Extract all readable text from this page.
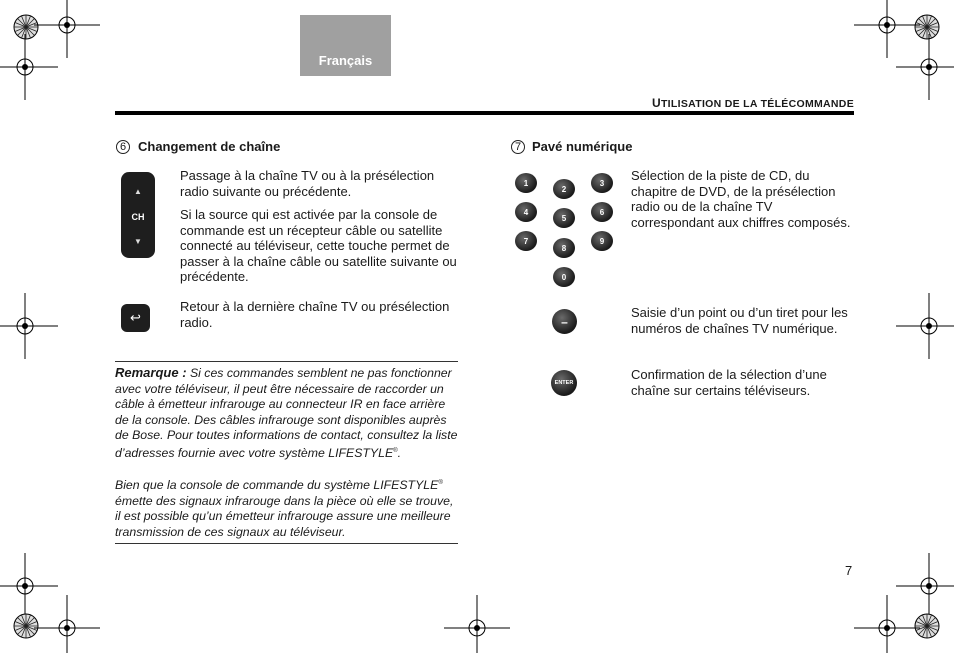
Français
UTILISATION DE LA TÉLÉCOMMANDE
6 Changement de chaîne
▲
CH
▼
Passage à la chaîne TV ou à la présélection radio suivante ou précédente.
Si la source qui est activée par la console de commande est un récepteur câble ou satellite connecté au téléviseur, cette touche permet de passer à la chaîne câble ou satellite suivante ou précédente.
↩
Retour à la dernière chaîne TV ou présélection radio.

Remarque : Si ces commandes semblent ne pas fonctionner avec votre téléviseur, il peut être nécessaire de raccorder un câble à émetteur infrarouge au connecteur IR en face arrière de la console. Des câbles infrarouge sont disponibles auprès de Bose. Pour toutes informations de contact, consultez la liste d’adresses fournie avec votre système LIFESTYLE®.

Bien que la console de commande du système LIFESTYLE® émette des signaux infrarouge dans la pièce où elle se trouve, il est possible qu’un émetteur infrarouge assure une meilleure transmission de ces signaux au téléviseur.

7 Pavé numérique
1
2
3
4
5
6
7
8
9
0
Sélection de la piste de CD, du chapitre de DVD, de la présélection radio ou de la chaîne TV correspondant aux chiffres composés.
–
Saisie d’un point ou d’un tiret pour les numéros de chaînes TV numérique.
ENTER
Confirmation de la sélection d’une chaîne sur certains téléviseurs.
7
